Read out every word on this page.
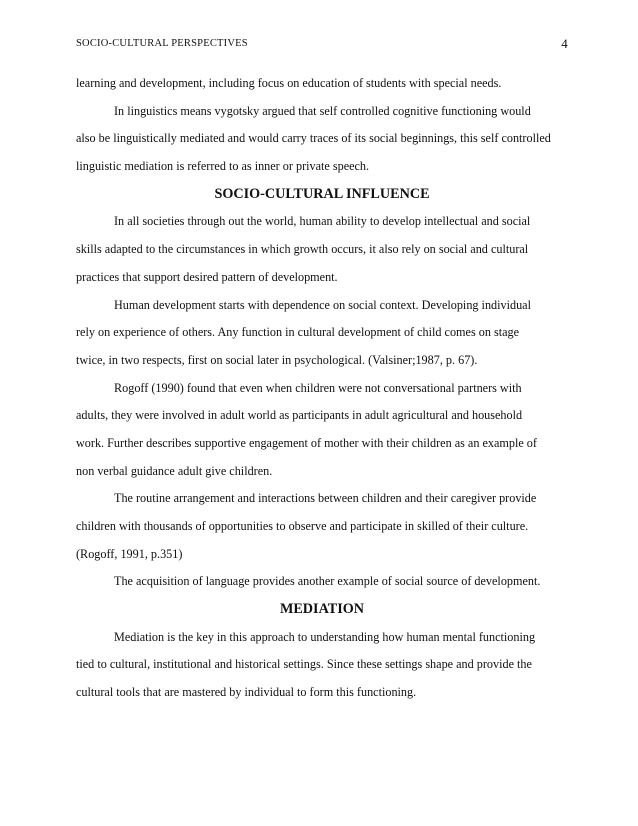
SOCIO-CULTURAL PERSPECTIVES	4
learning and development, including focus on education of students with special needs.
In linguistics means vygotsky argued that self controlled cognitive functioning would
also be linguistically mediated and would carry traces of its social beginnings, this self controlled
linguistic mediation is referred to as inner or private speech.
SOCIO-CULTURAL INFLUENCE
In all societies through out the world, human ability to develop intellectual and social
skills adapted to the circumstances in which growth occurs, it also rely on social and cultural
practices that support desired pattern of development.
Human development starts with dependence on social context. Developing individual
rely on experience of others. Any function in cultural development of child comes on stage
twice, in two respects, first on social later in psychological. (Valsiner;1987, p. 67).
Rogoff (1990) found that even when children were not conversational partners with
adults, they were involved in adult world as participants in adult agricultural and household
work. Further describes supportive engagement of mother with their children as an example of
non verbal guidance adult give children.
The routine arrangement and interactions between children and their caregiver provide
children with thousands of opportunities to observe and participate in skilled of their culture.
(Rogoff, 1991, p.351)
The acquisition of language provides another example of social source of development.
MEDIATION
Mediation is the key in this approach to understanding how human mental functioning
tied to cultural, institutional and historical settings. Since these settings shape and provide the
cultural tools that are mastered by individual to form this functioning.
